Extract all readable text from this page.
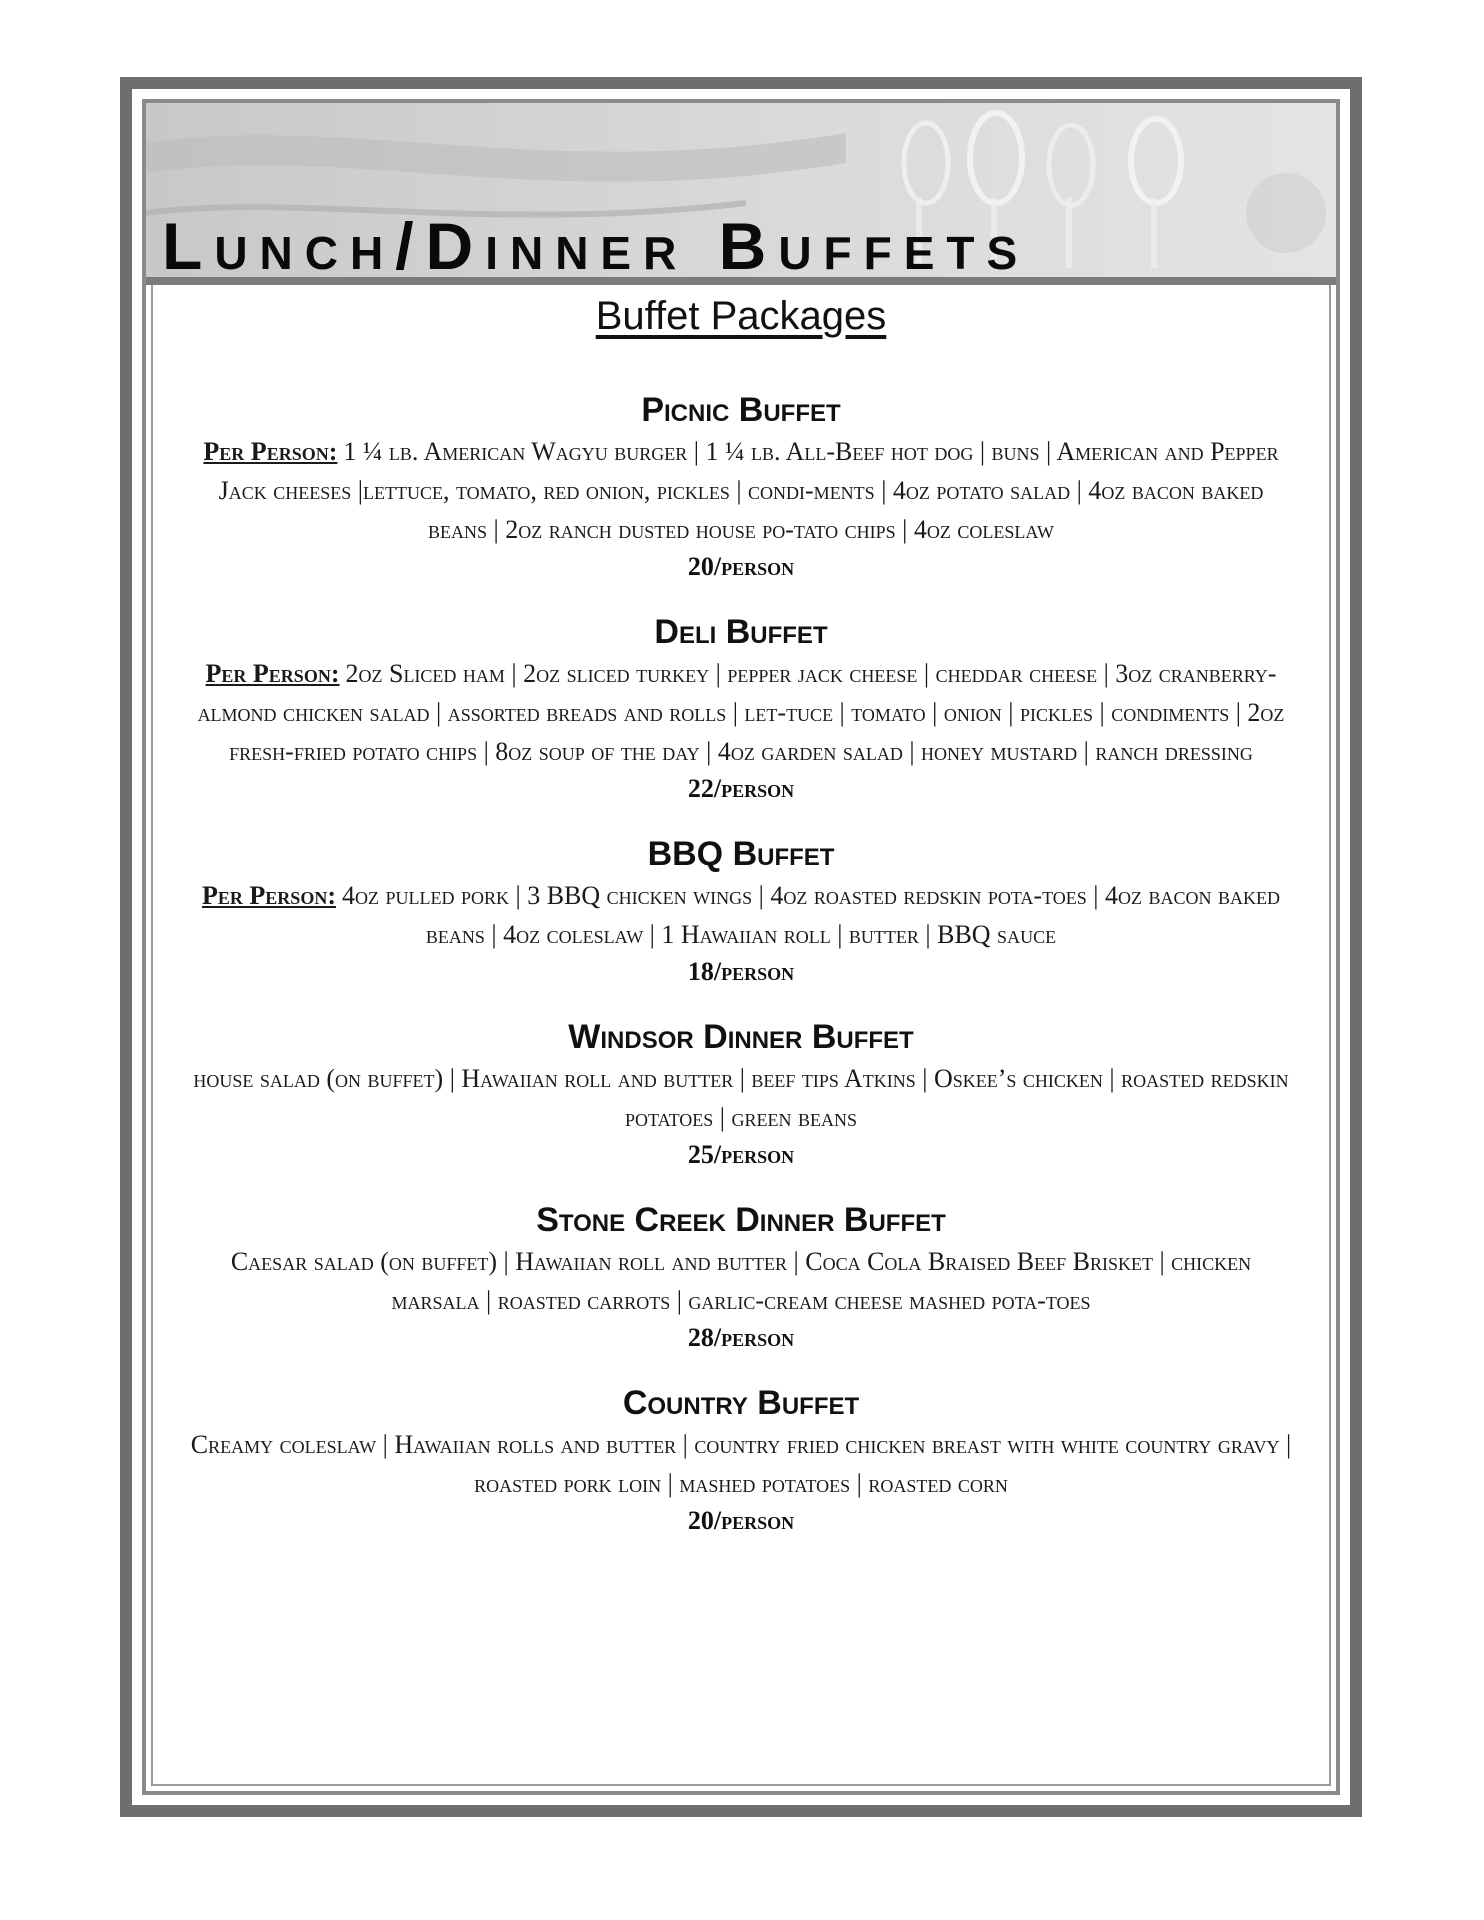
Lunch/Dinner Buffets
Buffet Packages
Picnic Buffet
Per Person: 1 ¼ lb. American Wagyu burger | 1 ¼ lb. All-Beef hot dog | buns | American and Pepper Jack cheeses |lettuce, tomato, red onion, pickles | condi-ments | 4oz potato salad | 4oz bacon baked beans | 2oz ranch dusted house po-tato chips | 4oz coleslaw
20/person
Deli Buffet
Per Person: 2oz Sliced ham | 2oz sliced turkey | pepper jack cheese | cheddar cheese | 3oz cranberry-almond chicken salad | assorted breads and rolls | let-tuce | tomato | onion | pickles | condiments | 2oz fresh-fried potato chips | 8oz soup of the day | 4oz garden salad | honey mustard | ranch dressing
22/person
BBQ Buffet
Per Person: 4oz pulled pork | 3 BBQ chicken wings | 4oz roasted redskin pota-toes | 4oz bacon baked beans | 4oz coleslaw | 1 Hawaiian roll | butter | BBQ sauce
18/person
Windsor Dinner Buffet
house salad (on buffet) | Hawaiian roll and butter | beef tips Atkins | Oskee’s chicken | roasted redskin potatoes | green beans
25/person
Stone Creek Dinner Buffet
Caesar salad (on buffet) | Hawaiian roll and butter | Coca Cola Braised Beef Brisket | chicken marsala | roasted carrots | garlic-cream cheese mashed pota-toes
28/person
Country Buffet
Creamy coleslaw | Hawaiian rolls and butter | country fried chicken breast with white country gravy | roasted pork loin | mashed potatoes | roasted corn
20/person
